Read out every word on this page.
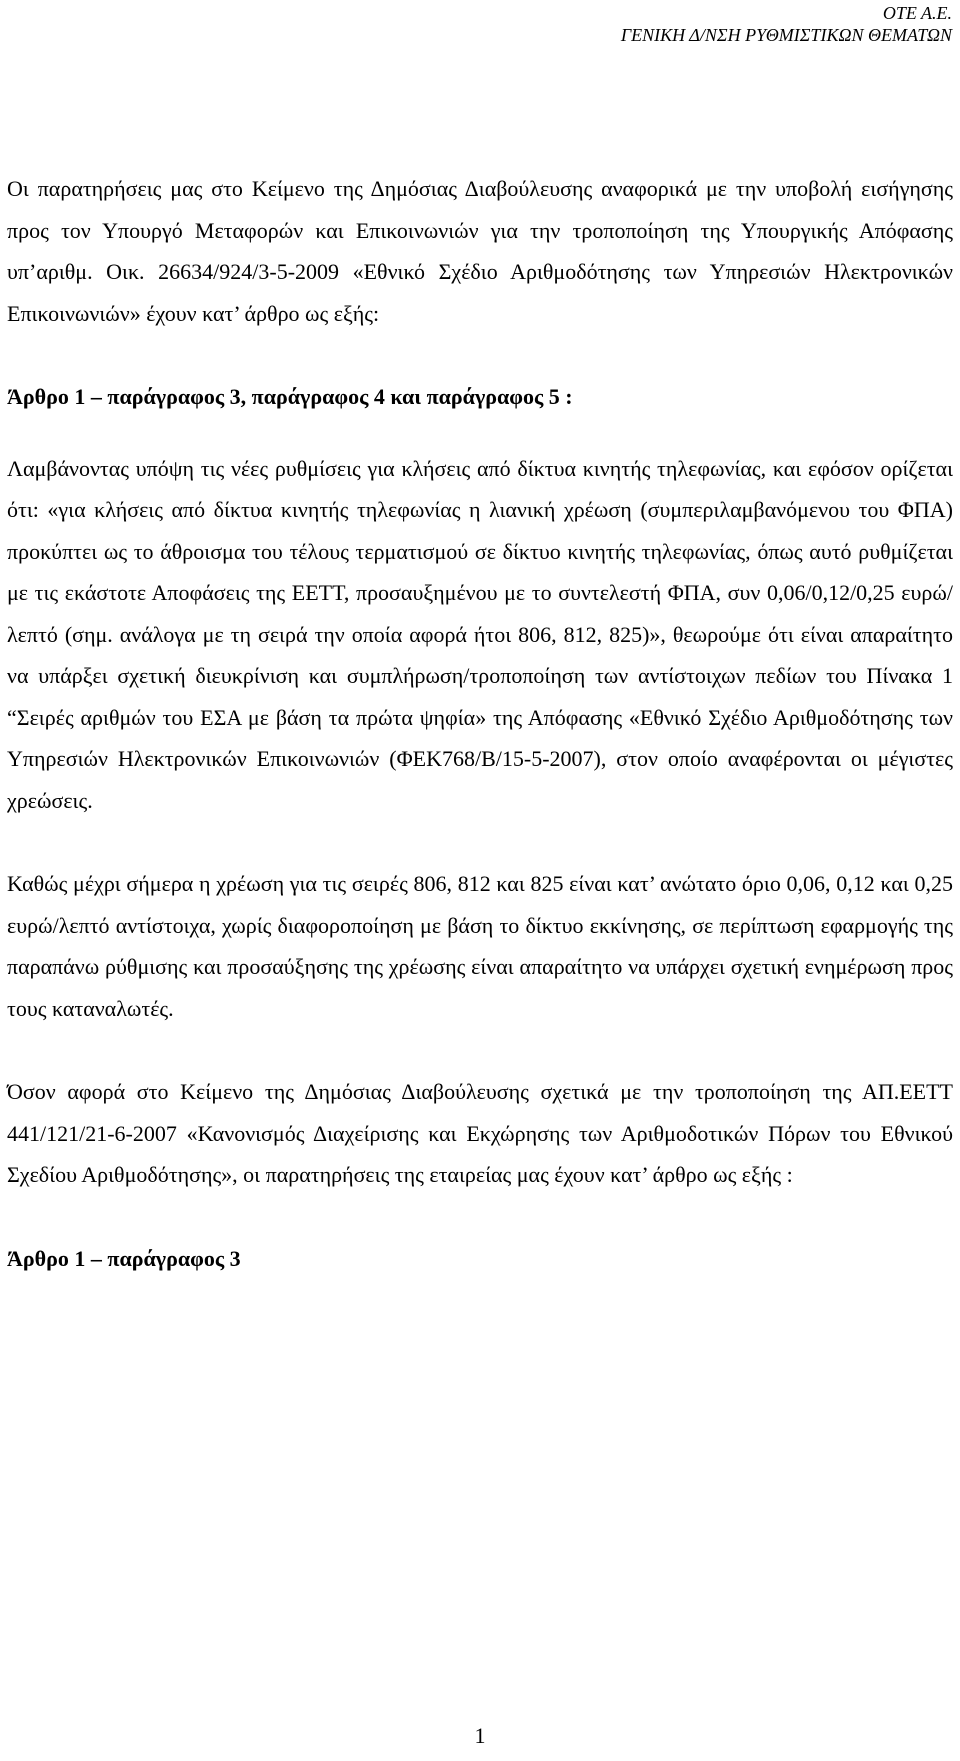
ΟΤΕ Α.Ε.
ΓΕΝΙΚΗ Δ/ΝΣΗ ΡΥΘΜΙΣΤΙΚΩΝ ΘΕΜΑΤΩΝ

Οι παρατηρήσεις μας στο Κείμενο της Δημόσιας Διαβούλευσης αναφορικά με την υποβολή εισήγησης προς τον Υπουργό Μεταφορών και Επικοινωνιών για την τροποποίηση της Υπουργικής Απόφασης υπ’αριθμ. Οικ. 26634/924/3-5-2009 «Εθνικό Σχέδιο Αριθμοδότησης των Υπηρεσιών Ηλεκτρονικών Επικοινωνιών» έχουν κατ’ άρθρο ως εξής:

Άρθρο 1 – παράγραφος 3, παράγραφος 4 και παράγραφος 5 :

Λαμβάνοντας υπόψη τις νέες ρυθμίσεις για κλήσεις από δίκτυα κινητής τηλεφωνίας, και εφόσον ορίζεται ότι: «για κλήσεις από δίκτυα κινητής τηλεφωνίας η λιανική χρέωση (συμπεριλαμβανόμενου του ΦΠΑ) προκύπτει ως το άθροισμα του τέλους τερματισμού σε δίκτυο κινητής τηλεφωνίας, όπως αυτό ρυθμίζεται με τις εκάστοτε Αποφάσεις της ΕΕΤΤ, προσαυξημένου με το συντελεστή ΦΠΑ, συν 0,06/0,12/0,25 ευρώ/λεπτό (σημ. ανάλογα με τη σειρά την οποία αφορά ήτοι 806, 812, 825)», θεωρούμε ότι είναι απαραίτητο να υπάρξει σχετική διευκρίνιση και συμπλήρωση/τροποποίηση των αντίστοιχων πεδίων του Πίνακα 1 “Σειρές αριθμών του ΕΣΑ με βάση τα πρώτα ψηφία» της Απόφασης «Εθνικό Σχέδιο Αριθμοδότησης των Υπηρεσιών Ηλεκτρονικών Επικοινωνιών (ΦΕΚ768/Β/15-5-2007), στον οποίο αναφέρονται οι μέγιστες χρεώσεις.

Καθώς μέχρι σήμερα η χρέωση για τις σειρές 806, 812 και 825 είναι κατ’ ανώτατο όριο 0,06, 0,12 και 0,25 ευρώ/λεπτό αντίστοιχα, χωρίς διαφοροποίηση με βάση το δίκτυο εκκίνησης, σε περίπτωση εφαρμογής της παραπάνω ρύθμισης και προσαύξησης της χρέωσης είναι απαραίτητο να υπάρχει σχετική ενημέρωση προς τους καταναλωτές.

Όσον αφορά στο Κείμενο της Δημόσιας Διαβούλευσης σχετικά με την τροποποίηση της ΑΠ.ΕΕΤΤ 441/121/21-6-2007 «Κανονισμός Διαχείρισης και Εκχώρησης των Αριθμοδοτικών Πόρων του Εθνικού Σχεδίου Αριθμοδότησης», οι παρατηρήσεις της εταιρείας μας έχουν κατ’ άρθρο ως εξής :

Άρθρο 1 – παράγραφος 3

1
